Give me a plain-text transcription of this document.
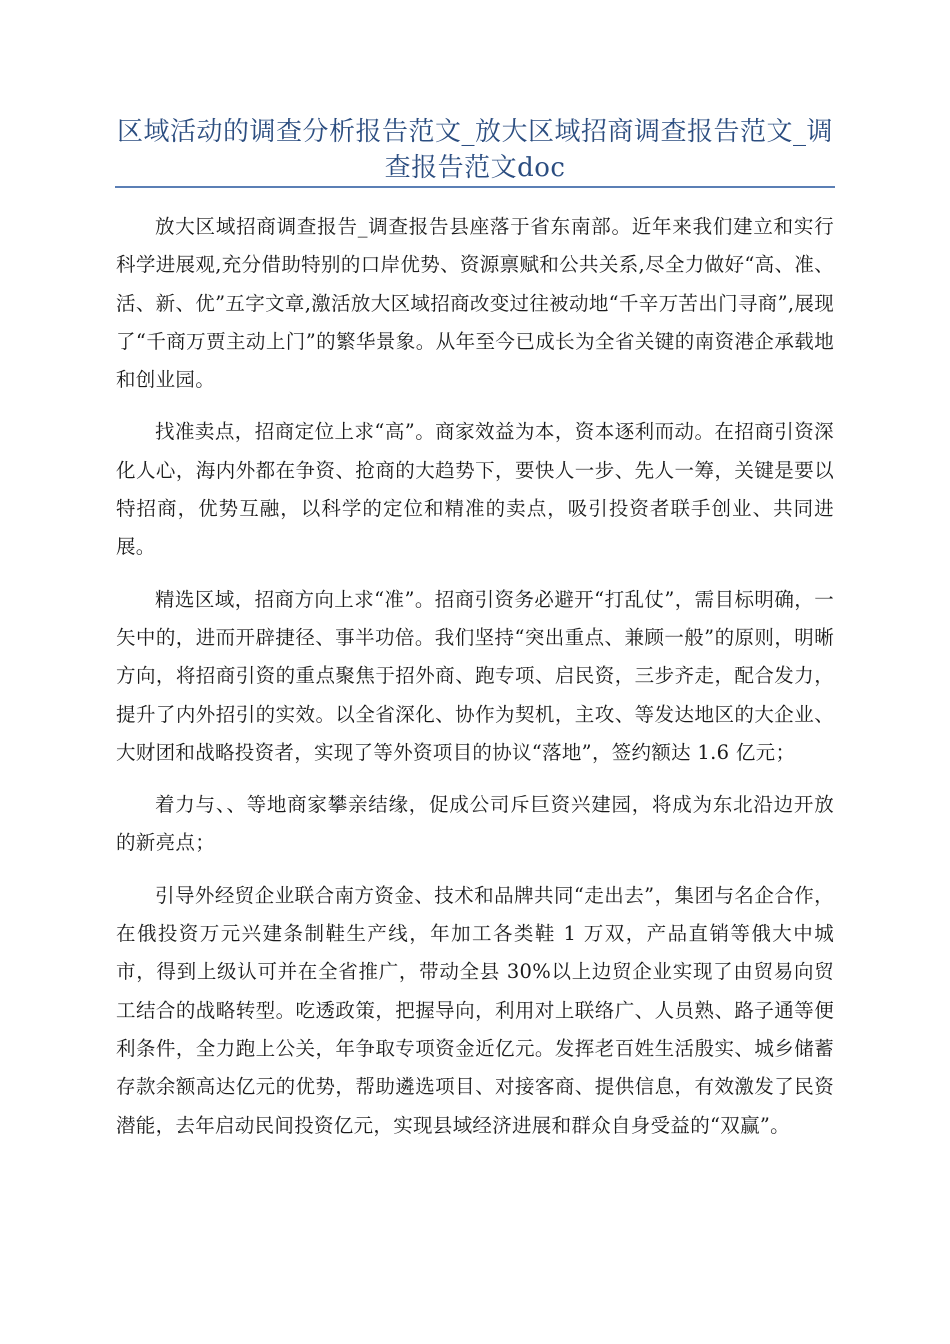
区域活动的调查分析报告范文_放大区域招商调查报告范文_调查报告范文doc

放大区域招商调查报告_调查报告县座落于省东南部。近年来我们建立和实行科学进展观,充分借助特别的口岸优势、资源禀赋和公共关系,尽全力做好“高、准、活、新、优”五字文章,激活放大区域招商改变过往被动地“千辛万苦出门寻商”,展现了“千商万贾主动上门”的繁华景象。从年至今已成长为全省关键的南资港企承载地和创业园。

找准卖点，招商定位上求“高”。商家效益为本，资本逐利而动。在招商引资深化人心，海内外都在争资、抢商的大趋势下，要快人一步、先人一筹，关键是要以特招商，优势互融，以科学的定位和精准的卖点，吸引投资者联手创业、共同进展。

精选区域，招商方向上求“准”。招商引资务必避开“打乱仗”，需目标明确，一矢中的，进而开辟捷径、事半功倍。我们坚持“突出重点、兼顾一般”的原则，明晰方向，将招商引资的重点聚焦于招外商、跑专项、启民资，三步齐走，配合发力，提升了内外招引的实效。以全省深化、协作为契机，主攻、等发达地区的大企业、大财团和战略投资者，实现了等外资项目的协议“落地”，签约额达 1.6 亿元；

着力与、、等地商家攀亲结缘，促成公司斥巨资兴建园，将成为东北沿边开放的新亮点；

引导外经贸企业联合南方资金、技术和品牌共同“走出去”，集团与名企合作，在俄投资万元兴建条制鞋生产线，年加工各类鞋 1 万双，产品直销等俄大中城市，得到上级认可并在全省推广，带动全县 30%以上边贸企业实现了由贸易向贸工结合的战略转型。吃透政策，把握导向，利用对上联络广、人员熟、路子通等便利条件，全力跑上公关，年争取专项资金近亿元。发挥老百姓生活殷实、城乡储蓄存款余额高达亿元的优势，帮助遴选项目、对接客商、提供信息，有效激发了民资潜能，去年启动民间投资亿元，实现县域经济进展和群众自身受益的“双赢”。
